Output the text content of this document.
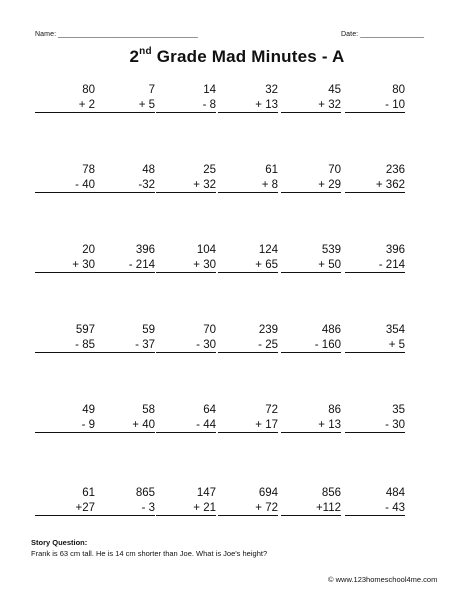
Name: ___________________________________	Date: ________________
2nd Grade Mad Minutes - A
80
+ 2
7
+ 5
14
- 8
32
+ 13
45
+ 32
80
- 10
78
- 40
48
-32
25
+ 32
61
+ 8
70
+ 29
236
+ 362
20
+ 30
396
- 214
104
+ 30
124
+ 65
539
+ 50
396
- 214
597
- 85
59
- 37
70
- 30
239
- 25
486
- 160
354
+ 5
49
- 9
58
+ 40
64
- 44
72
+ 17
86
+ 13
35
- 30
61
+27
865
- 3
147
+ 21
694
+ 72
856
+112
484
- 43
Story Question:
Frank is 63 cm tall. He is 14 cm shorter than Joe. What is Joe's height?
© www.123homeschool4me.com
